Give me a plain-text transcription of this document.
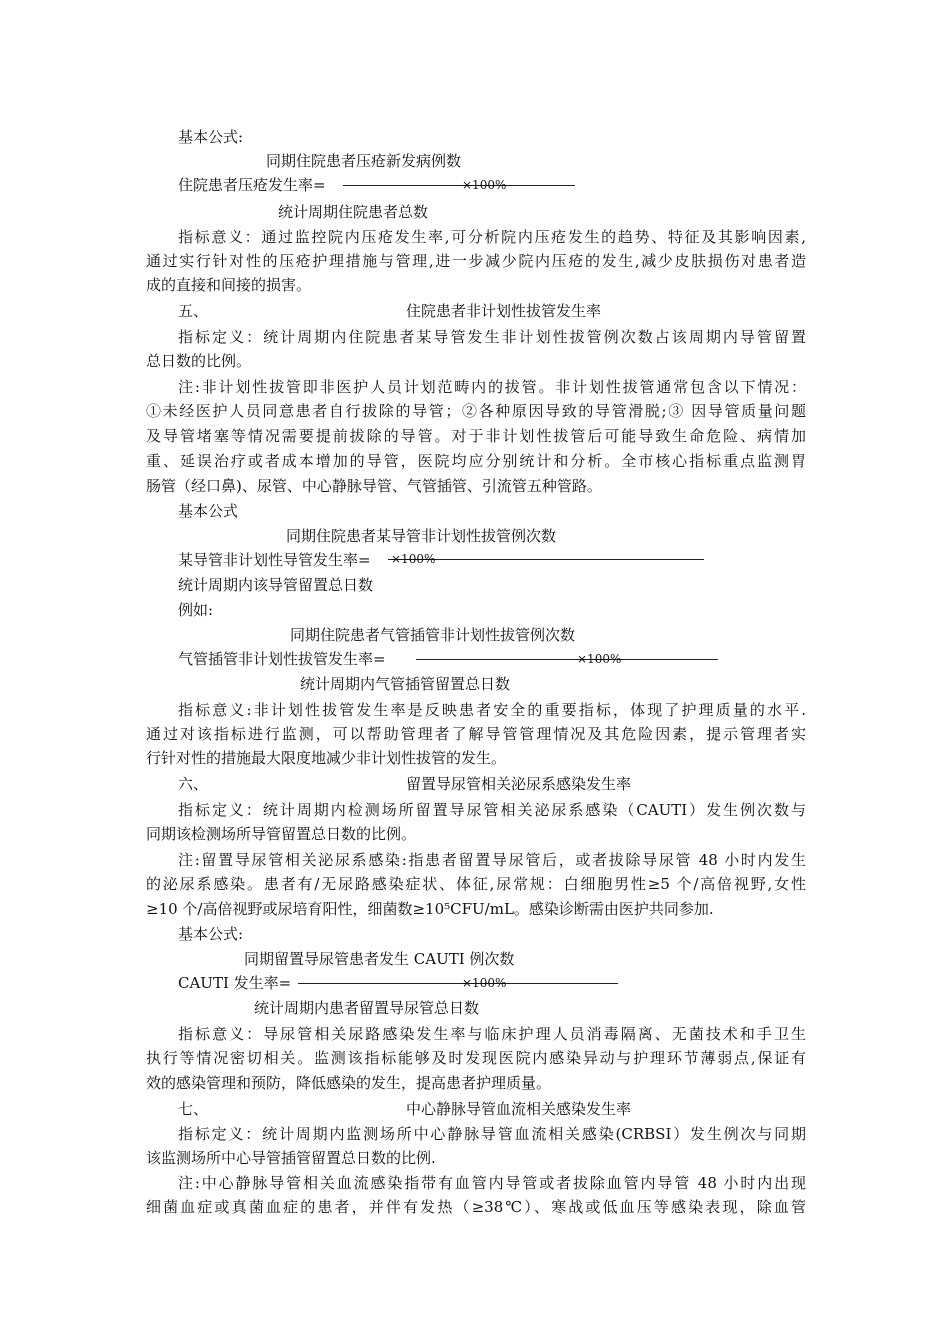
基本公式:
同期住院患者压疮新发病例数
住院患者压疮发生率=
统计周期住院患者总数
指标意义：通过监控院内压疮发生率,可分析院内压疮发生的趋势、特征及其影响因素,
通过实行针对性的压疮护理措施与管理,进一步减少院内压疮的发生,减少皮肤损伤对患者造
成的直接和间接的损害。
五、	住院患者非计划性拔管发生率
指标定义：统计周期内住院患者某导管发生非计划性拔管例次数占该周期内导管留置
总日数的比例。
注:非计划性拔管即非医护人员计划范畴内的拔管。非计划性拔管通常包含以下情况：
①未经医护人员同意患者自行拔除的导管；②各种原因导致的导管滑脱;③ 因导管质量问题
及导管堵塞等情况需要提前拔除的导管。对于非计划性拔管后可能导致生命危险、病情加
重、延误治疗或者成本增加的导管，医院均应分别统计和分析。全市核心指标重点监测胃
肠管（经口鼻)、尿管、中心静脉导管、气管插管、引流管五种管路。
基本公式
同期住院患者某导管非计划性拔管例次数
某导管非计划性导管发生率=
统计周期内该导管留置总日数
例如:
同期住院患者气管插管非计划性拔管例次数
气管插管非计划性拔管发生率=
统计周期内气管插管留置总日数
指标意义:非计划性拔管发生率是反映患者安全的重要指标，体现了护理质量的水平.
通过对该指标进行监测，可以帮助管理者了解导管管理情况及其危险因素，提示管理者实
行针对性的措施最大限度地减少非计划性拔管的发生。
六、	留置导尿管相关泌尿系感染发生率
指标定义：统计周期内检测场所留置导尿管相关泌尿系感染（CAUTI）发生例次数与
同期该检测场所导管留置总日数的比例。
注:留置导尿管相关泌尿系感染:指患者留置导尿管后，或者拔除导尿管 48 小时内发生
的泌尿系感染。患者有/无尿路感染症状、体征,尿常规：白细胞男性≥5 个/高倍视野,女性
≥10 个/高倍视野或尿培育阳性，细菌数≥10⁵CFU/mL。感染诊断需由医护共同参加.
基本公式:
同期留置导尿管患者发生 CAUTI 例次数
CAUTI 发生率=
统计周期内患者留置导尿管总日数
指标意义：导尿管相关尿路感染发生率与临床护理人员消毒隔离、无菌技术和手卫生
执行等情况密切相关。监测该指标能够及时发现医院内感染异动与护理环节薄弱点,保证有
效的感染管理和预防，降低感染的发生，提高患者护理质量。
七、	中心静脉导管血流相关感染发生率
指标定义：统计周期内监测场所中心静脉导管血流相关感染(CRBSI）发生例次与同期
该监测场所中心导管插管留置总日数的比例.
注:中心静脉导管相关血流感染指带有血管内导管或者拔除血管内导管 48 小时内出现
细菌血症或真菌血症的患者，并伴有发热（≥38℃）、寒战或低血压等感染表现，除血管
×100%
×100%
×100%
×100%
